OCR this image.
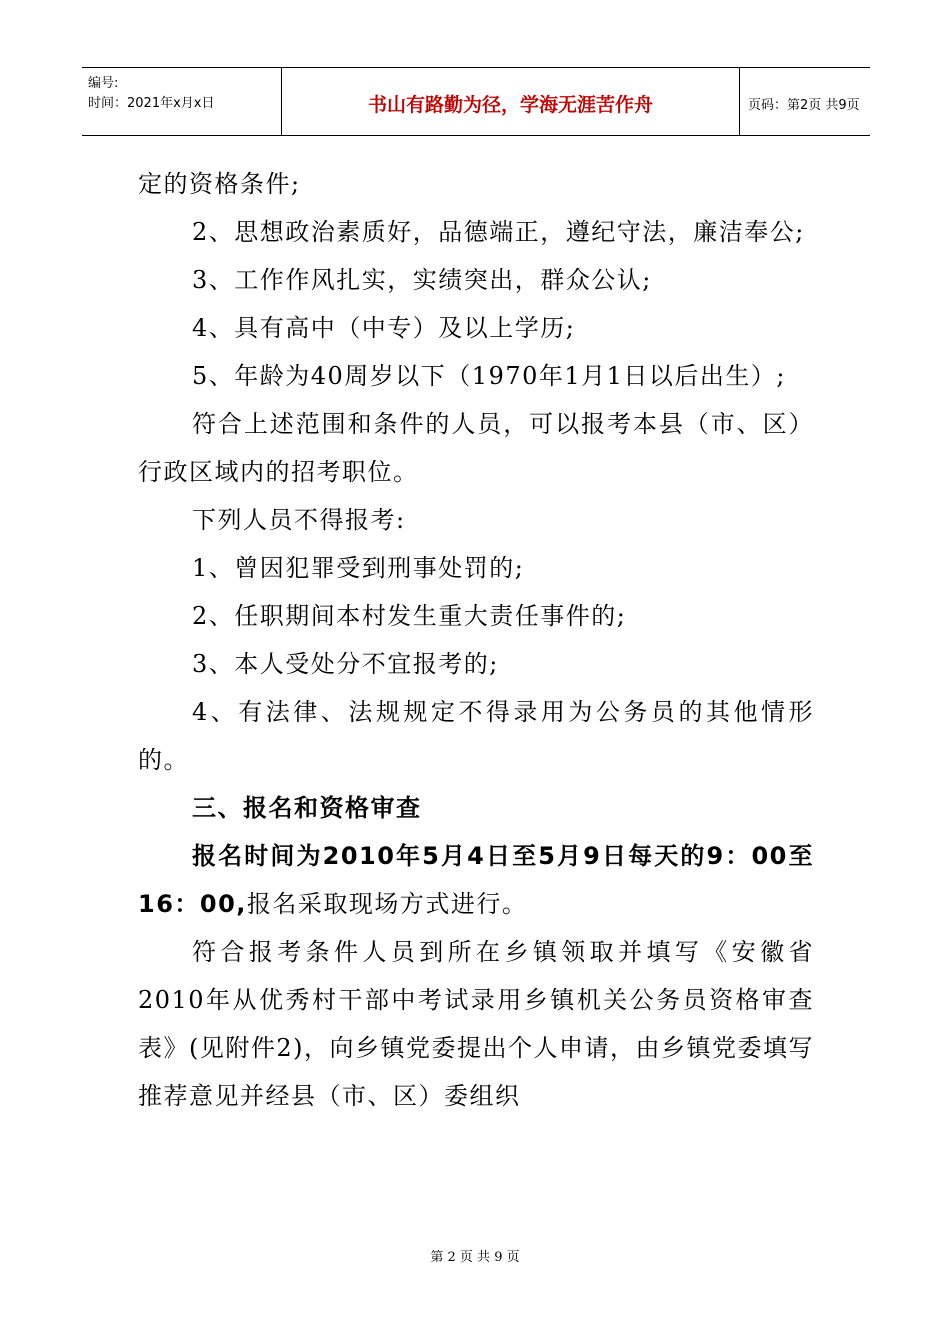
编号:
时间：2021年x月x日	书山有路勤为径，学海无涯苦作舟	页码：第2页 共9页

定的资格条件;

2、思想政治素质好，品德端正，遵纪守法，廉洁奉公;

3、工作作风扎实，实绩突出，群众公认;

4、具有高中（中专）及以上学历;

5、年龄为40周岁以下（1970年1月1日以后出生）;

符合上述范围和条件的人员，可以报考本县（市、区）行政区域内的招考职位。

下列人员不得报考:

1、曾因犯罪受到刑事处罚的;

2、任职期间本村发生重大责任事件的;

3、本人受处分不宜报考的;

4、有法律、法规规定不得录用为公务员的其他情形的。

三、报名和资格审查

报名时间为2010年5月4日至5月9日每天的9：00至16：00,报名采取现场方式进行。

符合报考条件人员到所在乡镇领取并填写《安徽省2010年从优秀村干部中考试录用乡镇机关公务员资格审查表》(见附件2)，向乡镇党委提出个人申请，由乡镇党委填写推荐意见并经县（市、区）委组织

第 2 页 共 9 页
